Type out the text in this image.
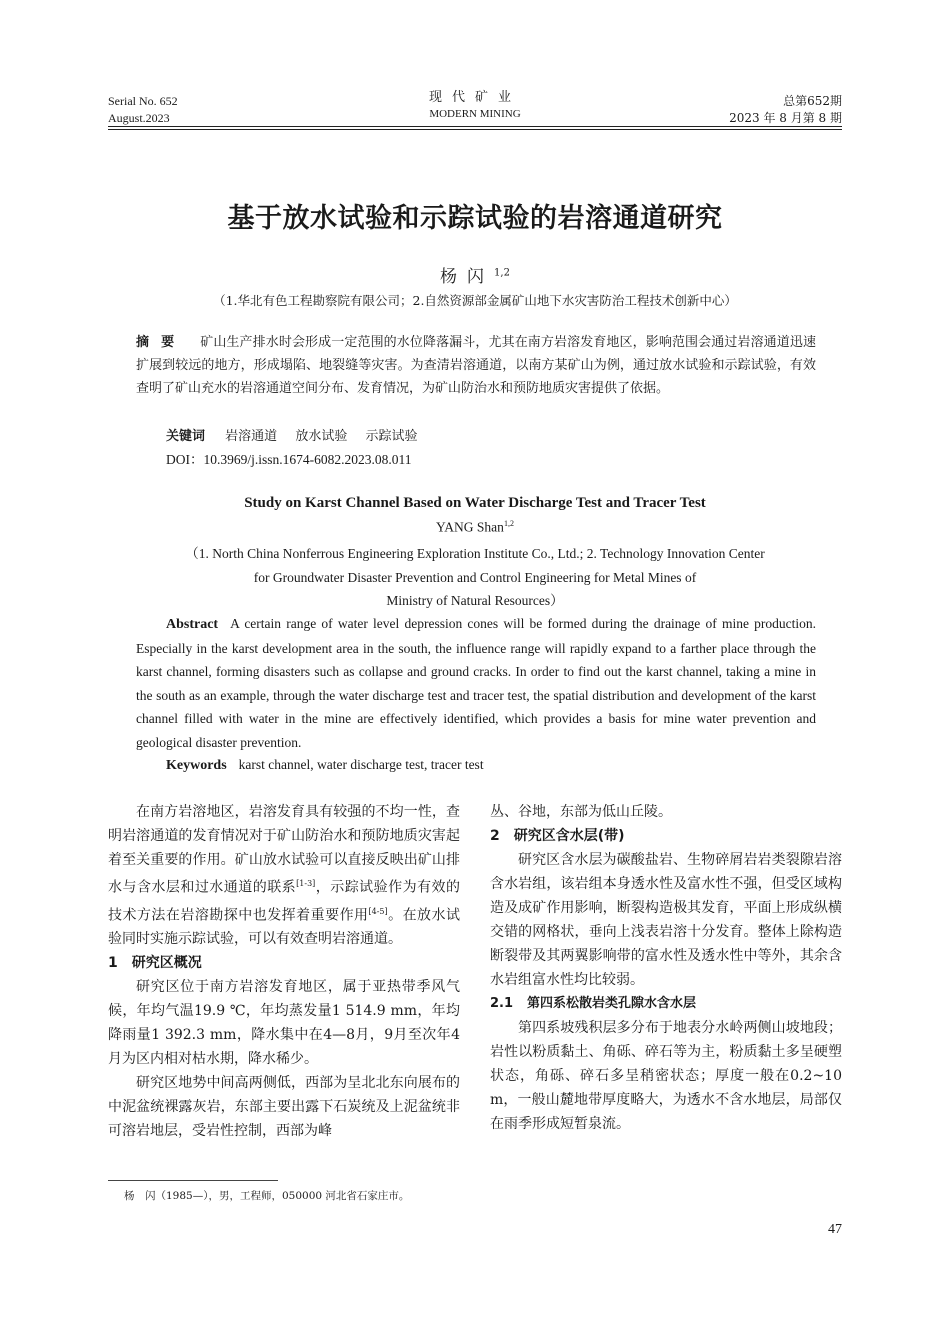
Serial No. 652
August.2023
现代矿业
MODERN MINING
总第652期
2023 年 8 月第 8 期
基于放水试验和示踪试验的岩溶通道研究
杨闪$^{1,2}$
（1.华北有色工程勘察院有限公司；2.自然资源部金属矿山地下水灾害防治工程技术创新中心）
摘要 矿山生产排水时会形成一定范围的水位降落漏斗，尤其在南方岩溶发育地区，影响范围会通过岩溶通道迅速扩展到较远的地方，形成塌陷、地裂缝等灾害。为查清岩溶通道，以南方某矿山为例，通过放水试验和示踪试验，有效查明了矿山充水的岩溶通道空间分布、发育情况，为矿山防治水和预防地质灾害提供了依据。
关键词 岩溶通道 放水试验 示踪试验
DOI：10.3969/j.issn.1674-6082.2023.08.011
Study on Karst Channel Based on Water Discharge Test and Tracer Test
YANG Shan$^{1,2}$
（1. North China Nonferrous Engineering Exploration Institute Co., Ltd.; 2. Technology Innovation Center
for Groundwater Disaster Prevention and Control Engineering for Metal Mines of
Ministry of Natural Resources）
Abstract A certain range of water level depression cones will be formed during the drainage of mine production. Especially in the karst development area in the south, the influence range will rapidly expand to a farther place through the karst channel, forming disasters such as collapse and ground cracks. In order to find out the karst channel, taking a mine in the south as an example, through the water discharge test and tracer test, the spatial distribution and development of the karst channel filled with water in the mine are effectively identified, which provides a basis for mine water prevention and geological disaster prevention.
Keywords karst channel, water discharge test, tracer test

在南方岩溶地区，岩溶发育具有较强的不均一性，查明岩溶通道的发育情况对于矿山防治水和预防地质灾害起着至关重要的作用。矿山放水试验可以直接反映出矿山排水与含水层和过水通道的联系[1-3]，示踪试验作为有效的技术方法在岩溶勘探中也发挥着重要作用[4-5]。在放水试验同时实施示踪试验，可以有效查明岩溶通道。

1 研究区概况

研究区位于南方岩溶发育地区，属于亚热带季风气候，年均气温19.9 ℃，年均蒸发量1 514.9 mm，年均降雨量1 392.3 mm，降水集中在4—8月，9月至次年4月为区内相对枯水期，降水稀少。

研究区地势中间高两侧低，西部为呈北北东向展布的中泥盆统裸露灰岩，东部主要出露下石炭统及上泥盆统非可溶岩地层，受岩性控制，西部为峰

丛、谷地，东部为低山丘陵。

2 研究区含水层(带)

研究区含水层为碳酸盐岩、生物碎屑岩岩类裂隙岩溶含水岩组，该岩组本身透水性及富水性不强，但受区域构造及成矿作用影响，断裂构造极其发育，平面上形成纵横交错的网格状，垂向上浅表岩溶十分发育。整体上除构造断裂带及其两翼影响带的富水性及透水性中等外，其余含水岩组富水性均比较弱。

2.1 第四系松散岩类孔隙水含水层

第四系坡残积层多分布于地表分水岭两侧山坡地段；岩性以粉质黏土、角砾、碎石等为主，粉质黏土多呈硬塑状态，角砾、碎石多呈稍密状态；厚度一般在0.2~10 m，一般山麓地带厚度略大，为透水不含水地层，局部仅在雨季形成短暂泉流。

杨　闪（1985—），男，工程师，050000 河北省石家庄市。
47
